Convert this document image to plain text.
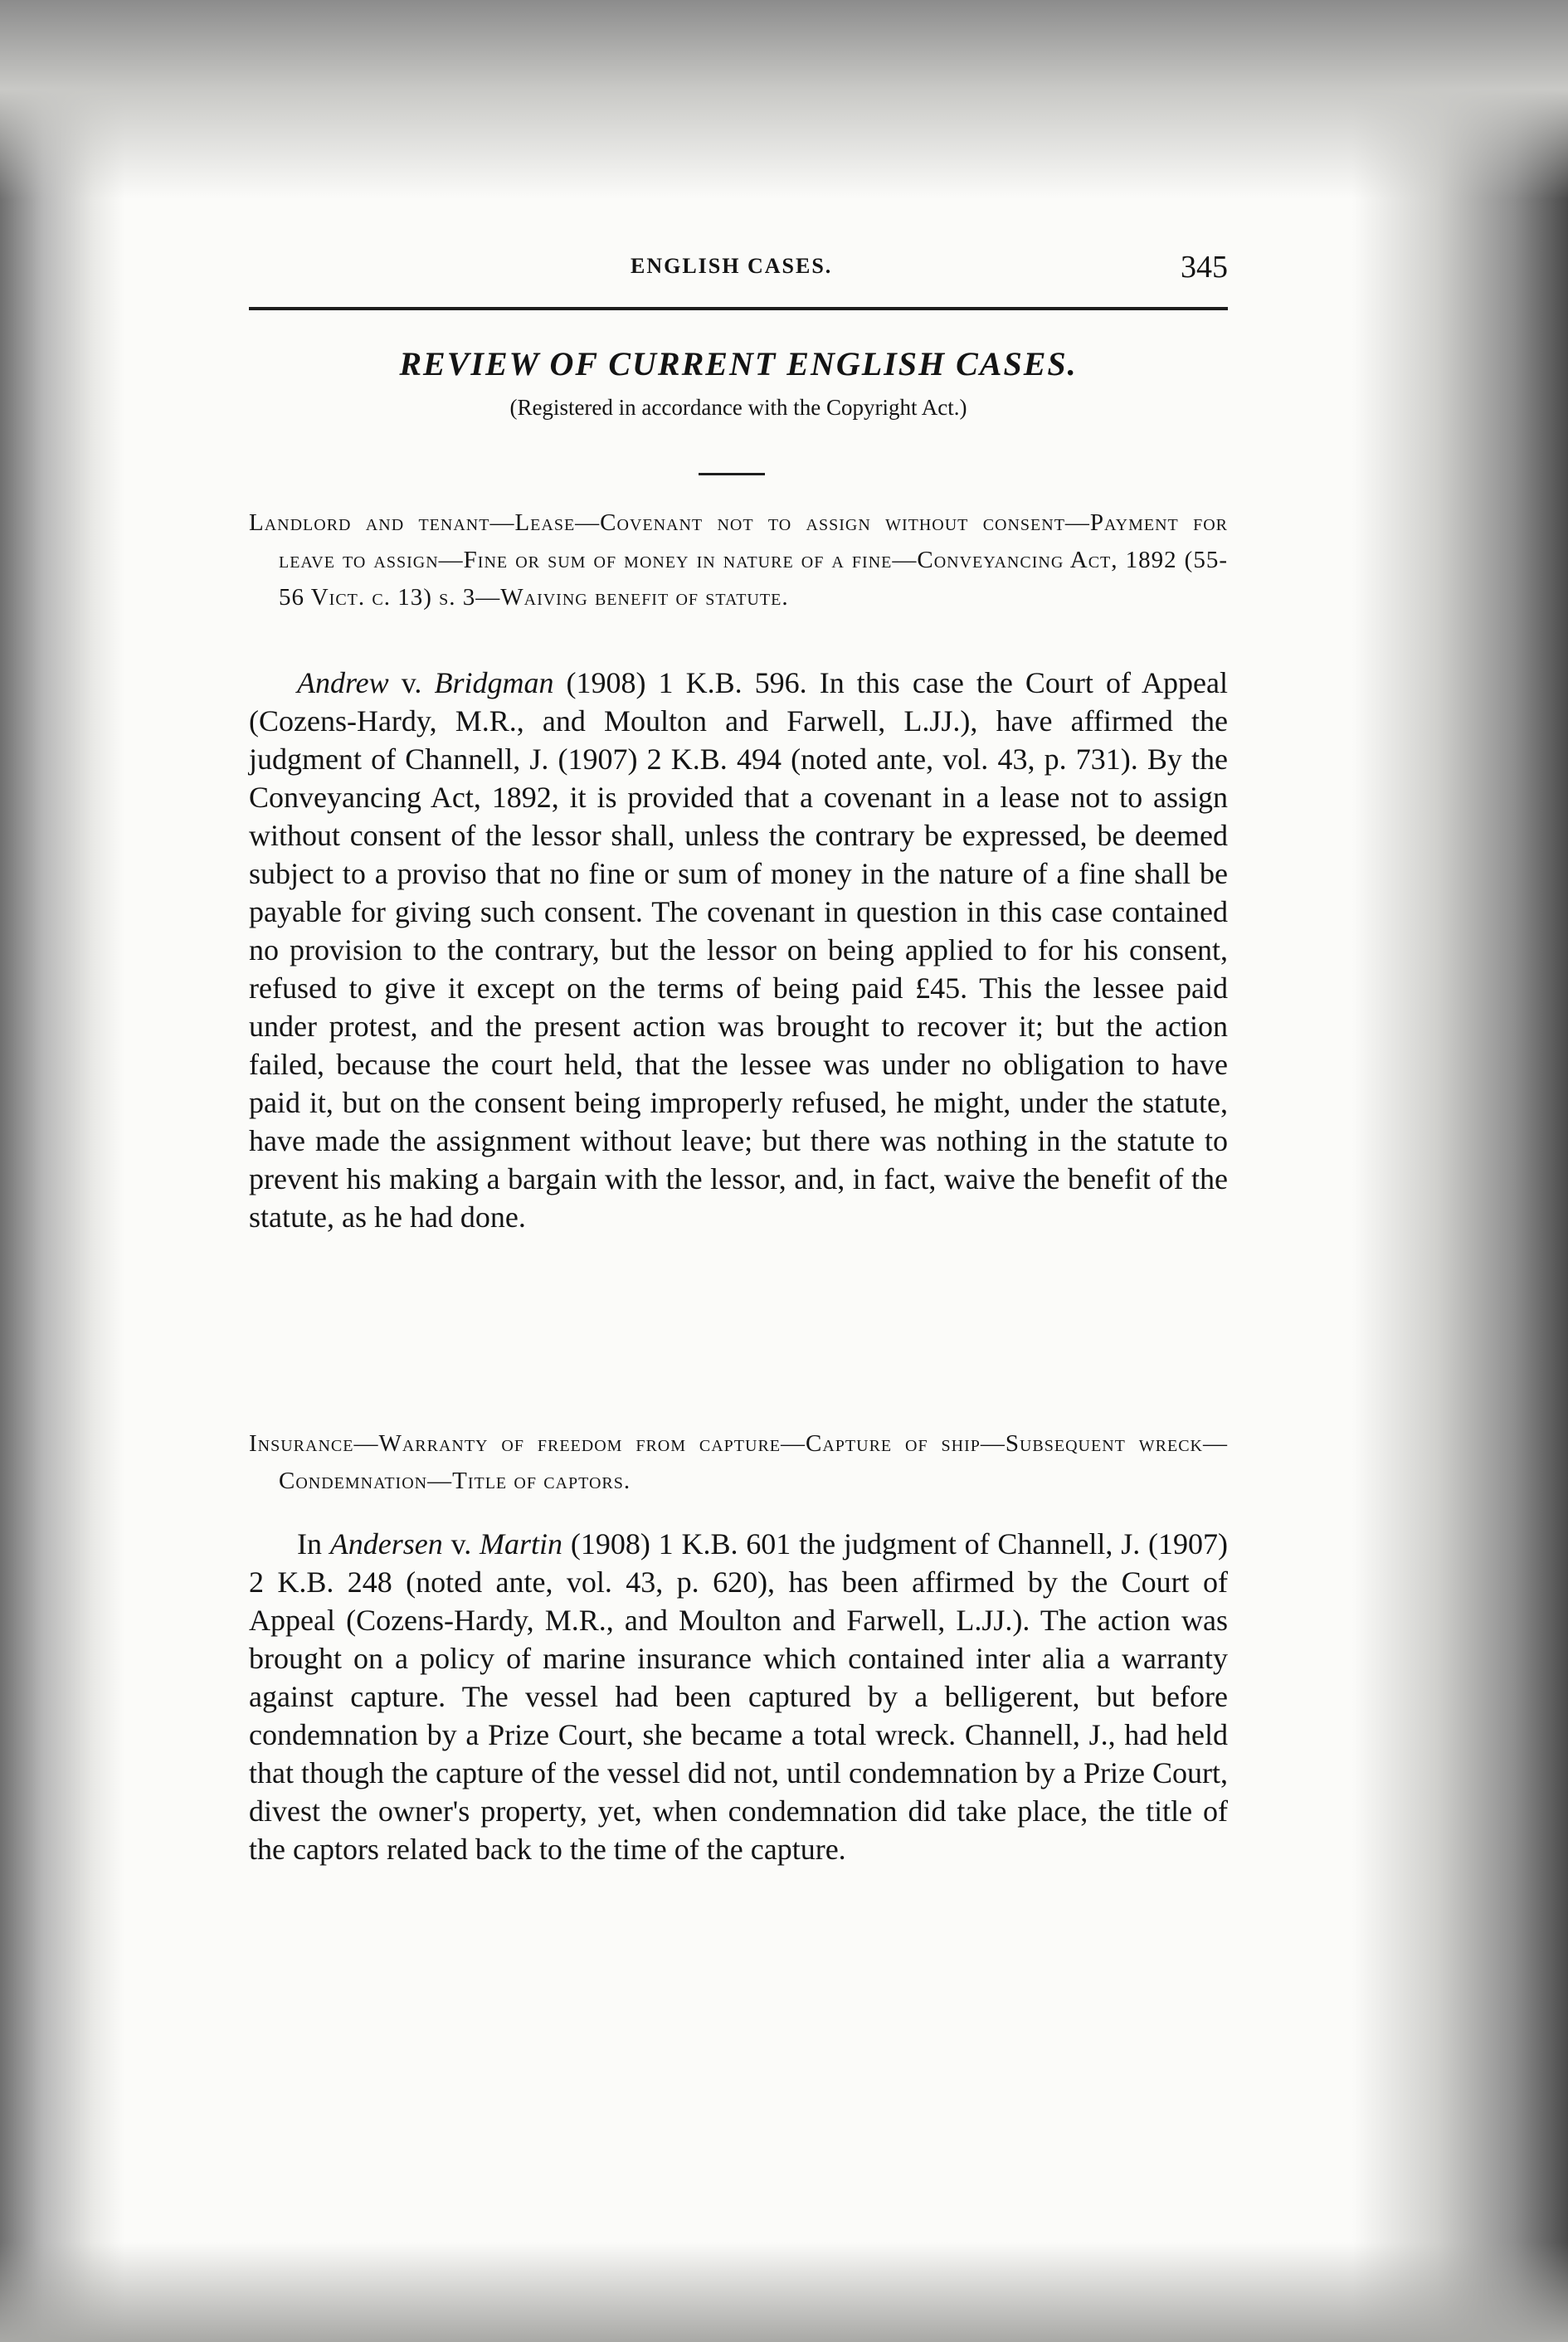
ENGLISH CASES.	345
REVIEW OF CURRENT ENGLISH CASES.
(Registered in accordance with the Copyright Act.)

Landlord and tenant—Lease—Covenant not to assign without consent—Payment for leave to assign—Fine or sum of money in nature of a fine—Conveyancing Act, 1892 (55-56 Vict. c. 13) s. 3—Waiving benefit of statute.

Andrew v. Bridgman (1908) 1 K.B. 596. In this case the Court of Appeal (Cozens-Hardy, M.R., and Moulton and Farwell, L.JJ.), have affirmed the judgment of Channell, J. (1907) 2 K.B. 494 (noted ante, vol. 43, p. 731). By the Conveyancing Act, 1892, it is provided that a covenant in a lease not to assign without consent of the lessor shall, unless the contrary be expressed, be deemed subject to a proviso that no fine or sum of money in the nature of a fine shall be payable for giving such consent. The covenant in question in this case contained no provision to the contrary, but the lessor on being applied to for his consent, refused to give it except on the terms of being paid £45. This the lessee paid under protest, and the present action was brought to recover it; but the action failed, because the court held, that the lessee was under no obligation to have paid it, but on the consent being improperly refused, he might, under the statute, have made the assignment without leave; but there was nothing in the statute to prevent his making a bargain with the lessor, and, in fact, waive the benefit of the statute, as he had done.

Insurance—Warranty of freedom from capture—Capture of ship—Subsequent wreck—Condemnation—Title of captors.

In Andersen v. Martin (1908) 1 K.B. 601 the judgment of Channell, J. (1907) 2 K.B. 248 (noted ante, vol. 43, p. 620), has been affirmed by the Court of Appeal (Cozens-Hardy, M.R., and Moulton and Farwell, L.JJ.). The action was brought on a policy of marine insurance which contained inter alia a warranty against capture. The vessel had been captured by a belligerent, but before condemnation by a Prize Court, she became a total wreck. Channell, J., had held that though the capture of the vessel did not, until condemnation by a Prize Court, divest the owner's property, yet, when condemnation did take place, the title of the captors related back to the time of the capture.
